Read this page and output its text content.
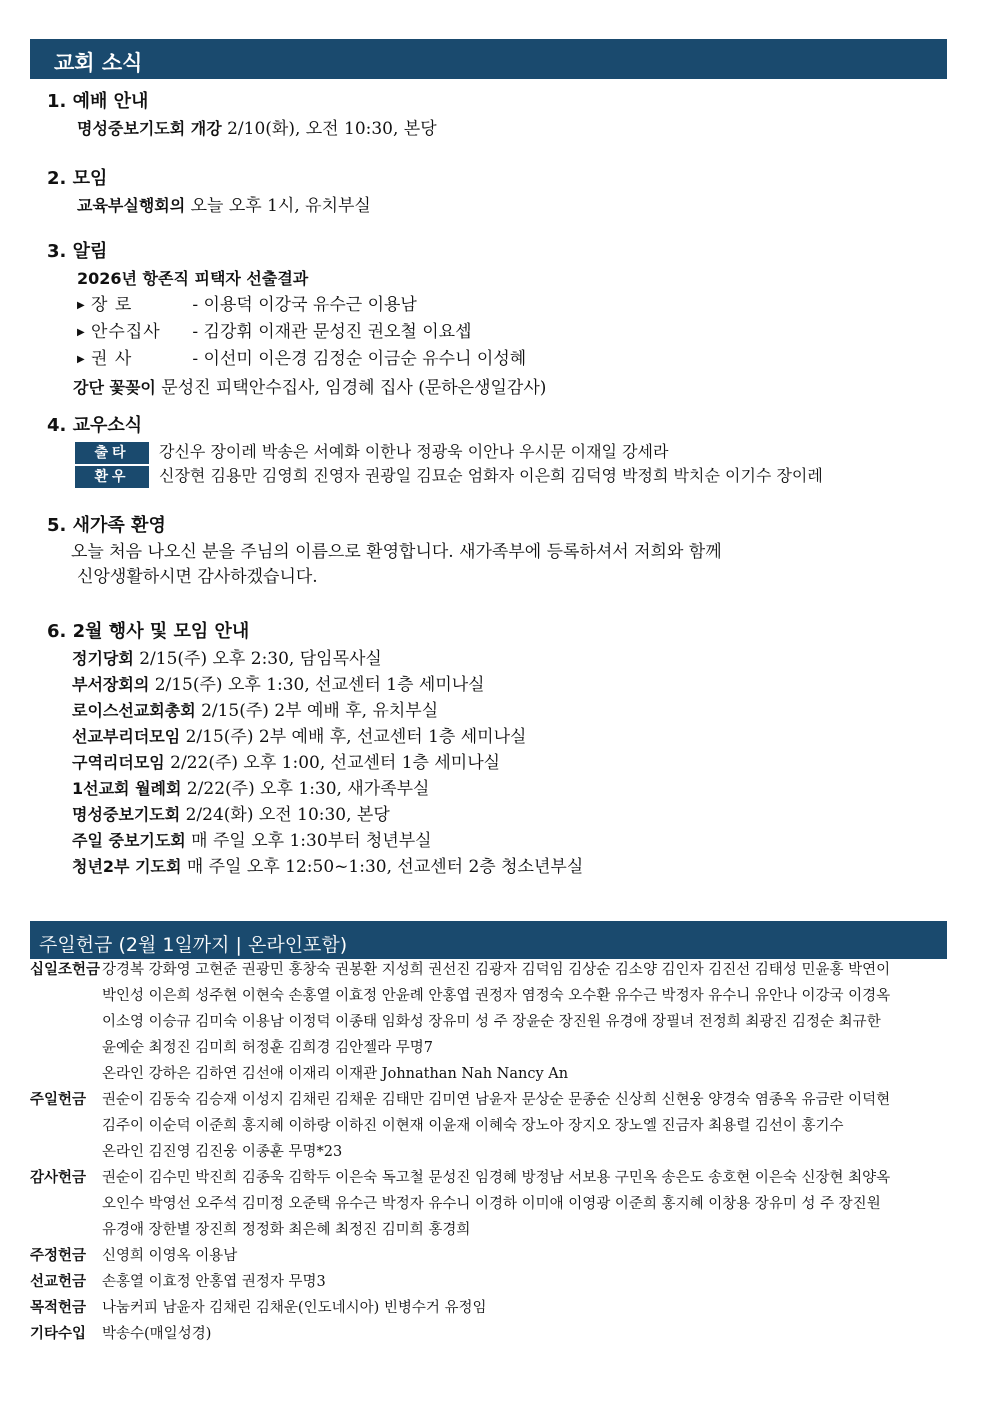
교회 소식
1. 예배 안내
명성중보기도회 개강 2/10(화), 오전 10:30, 본당
2. 모임
교육부실행회의 오늘 오후 1시, 유치부실
3. 알림
2026년 항존직 피택자 선출결과
▶ 장 로	- 이용덕 이강국 유수근 이용남
▶ 안수집사 - 김강휘 이재관 문성진 권오철 이요셉
▶ 권 사	- 이선미 이은경 김정순 이금순 유수니 이성혜
강단 꽃꽂이 문성진 피택안수집사, 임경혜 집사 (문하은생일감사)
4. 교우소식
출타 강신우 장이레 박송은 서예화 이한나 정광욱 이안나 우시문 이재일 강세라
환우 신장현 김용만 김영희 진영자 권광일 김묘순 엄화자 이은희 김덕영 박정희 박치순 이기수 장이레
5. 새가족 환영
오늘 처음 나오신 분을 주님의 이름으로 환영합니다. 새가족부에 등록하셔서 저희와 함께
신앙생활하시면 감사하겠습니다.
6. 2월 행사 및 모임 안내
정기당회 2/15(주) 오후 2:30, 담임목사실
부서장회의 2/15(주) 오후 1:30, 선교센터 1층 세미나실
로이스선교회총회 2/15(주) 2부 예배 후, 유치부실
선교부리더모임 2/15(주) 2부 예배 후, 선교센터 1층 세미나실
구역리더모임 2/22(주) 오후 1:00, 선교센터 1층 세미나실
1선교회 월례회 2/22(주) 오후 1:30, 새가족부실
명성중보기도회 2/24(화) 오전 10:30, 본당
주일 중보기도회 매 주일 오후 1:30부터 청년부실
청년2부 기도회 매 주일 오후 12:50~1:30, 선교센터 2층 청소년부실
주일헌금 (2월 1일까지 | 온라인포함)
십일조헌금 강경복 강화영 고현준 권광민 홍창숙 권봉환 지성희 권선진 김광자 김덕임 김상순 김소양 김인자 김진선 김태성 민윤홍 박연이
박인성 이은희 성주현 이현숙 손홍열 이효정 안윤례 안홍엽 권정자 염정숙 오수환 유수근 박정자 유수니 유안나 이강국 이경옥
이소영 이승규 김미숙 이용남 이정덕 이종태 임화성 장유미 성 주 장윤순 장진원 유경애 장필녀 전정희 최광진 김정순 최규한
윤예순 최정진 김미희 허정훈 김희경 김안젤라 무명7
온라인 강하은 김하연 김선애 이재리 이재관 Johnathan Nah Nancy An
주일헌금	권순이 김동숙 김승재 이성지 김채린 김채운 김태만 김미연 남윤자 문상순 문종순 신상희 신현웅 양경숙 염종옥 유금란 이덕현
김주이 이순덕 이준희 홍지혜 이하랑 이하진 이현재 이윤재 이혜숙 장노아 장지오 장노엘 진금자 최용렬 김선이 홍기수
온라인 김진영 김진웅 이종훈 무명*23
감사헌금	권순이 김수민 박진희 김종욱 김학두 이은숙 독고철 문성진 임경혜 방정남 서보용 구민옥 송은도 송호현 이은숙 신장현 최양옥
오인수 박영선 오주석 김미정 오준택 유수근 박정자 유수니 이경하 이미애 이영광 이준희 홍지혜 이창용 장유미 성 주 장진원
유경애 장한별 장진희 정정화 최은혜 최정진 김미희 홍경희
주정헌금	신영희 이영옥 이용남
선교헌금	손홍열 이효정 안홍엽 권정자 무명3
목적헌금	나눔커피 남윤자 김채린 김채운(인도네시아) 빈병수거 유정임
기타수입	박송수(매일성경)
